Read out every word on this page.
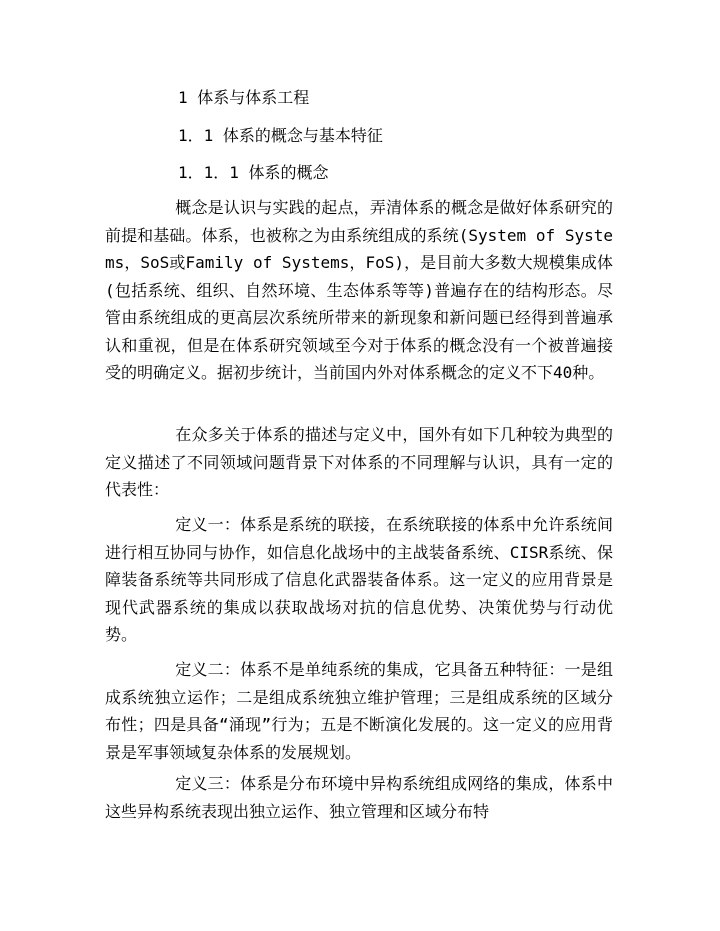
1 体系与体系工程
1．1 体系的概念与基本特征
1．1．1 体系的概念

概念是认识与实践的起点，弄清体系的概念是做好体系研究的前提和基础。体系，也被称之为由系统组成的系统(System of Systems，SoS或Family of Systems，FoS)，是目前大多数大规模集成体(包括系统、组织、自然环境、生态体系等等)普遍存在的结构形态。尽管由系统组成的更高层次系统所带来的新现象和新问题已经得到普遍承认和重视，但是在体系研究领域至今对于体系的概念没有一个被普遍接受的明确定义。据初步统计，当前国内外对体系概念的定义不下40种。

在众多关于体系的描述与定义中，国外有如下几种较为典型的定义描述了不同领域问题背景下对体系的不同理解与认识，具有一定的代表性：

定义一：体系是系统的联接，在系统联接的体系中允许系统间进行相互协同与协作，如信息化战场中的主战装备系统、CISR系统、保障装备系统等共同形成了信息化武器装备体系。这一定义的应用背景是现代武器系统的集成以获取战场对抗的信息优势、决策优势与行动优势。

定义二：体系不是单纯系统的集成，它具备五种特征：一是组成系统独立运作；二是组成系统独立维护管理；三是组成系统的区域分布性；四是具备“涌现”行为；五是不断演化发展的。这一定义的应用背景是军事领域复杂体系的发展规划。

定义三：体系是分布环境中异构系统组成网络的集成，体系中这些异构系统表现出独立运作、独立管理和区域分布特
